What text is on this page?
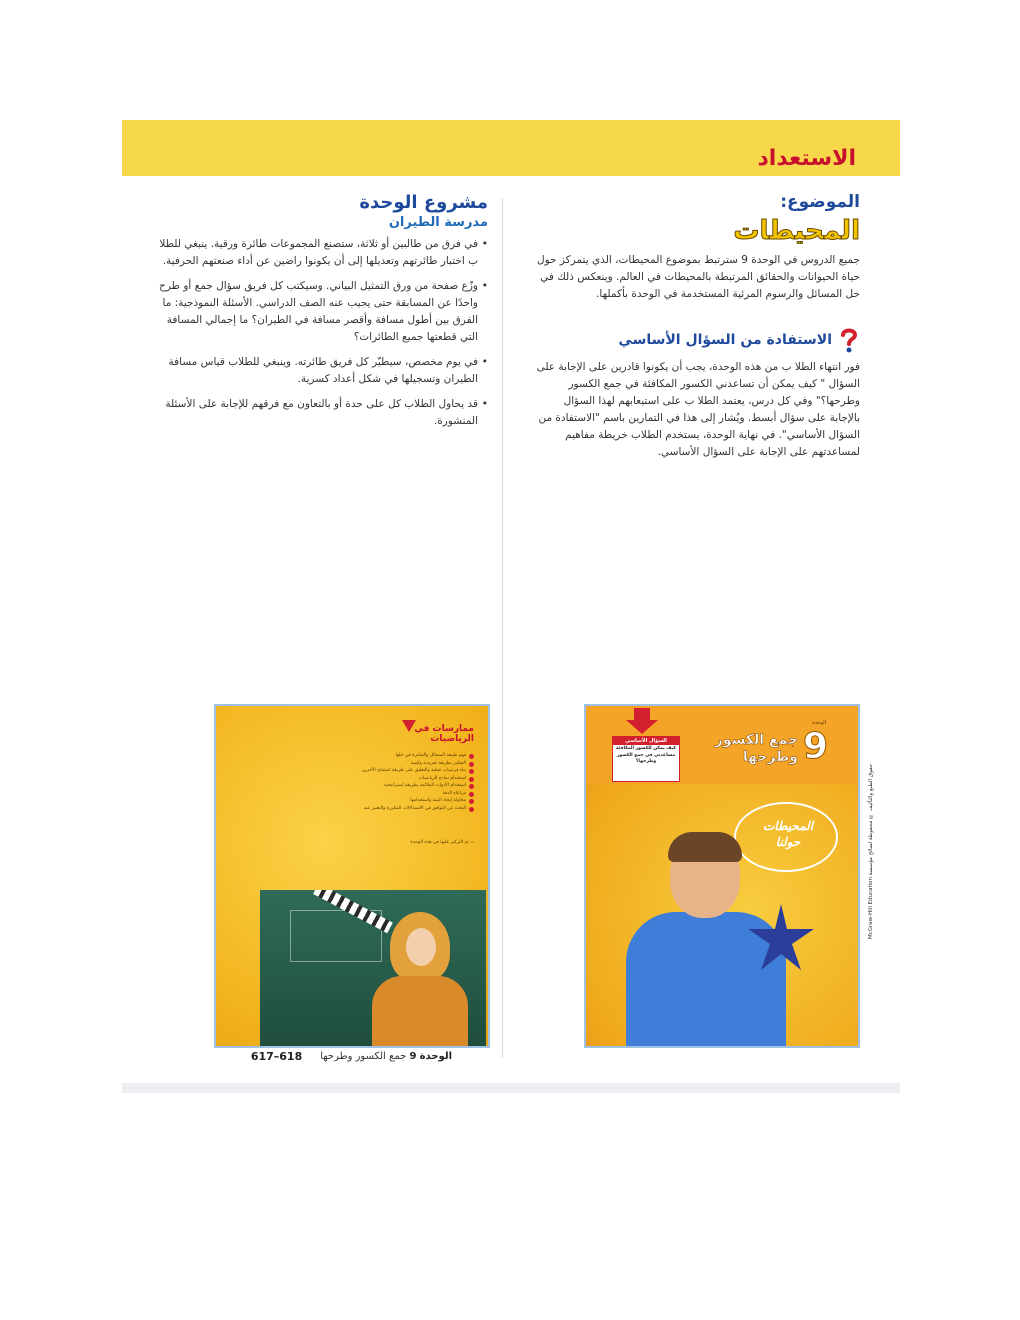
الاستعداد
الموضوع:
المحيطات

جميع الدروس في الوحدة 9 سترتبط بموضوع المحيطات، الذي يتمركز حول حياة الحيوانات والحقائق المرتبطة بالمحيطات في العالم. وينعكس ذلك في حل المسائل والرسوم المرئية المستخدمة في الوحدة بأكملها.

الاستفادة من السؤال الأساسي

فور انتهاء الطلا ب من هذه الوحدة، يجب أن يكونوا قادرين على الإجابة على السؤال " كيف يمكن أن تساعدني الكسور المكافئة في جمع الكسور وطرحها؟" وفي كل درس، يعتمد الطلا ب على استيعابهم لهذا السؤال بالإجابة على سؤال أبسط. ويُشار إلى هذا في التمارين باسم "الاستفادة من السؤال الأساسي". في نهاية الوحدة، يستخدم الطلاب خريطة مفاهيم لمساعدتهم على الإجابة على السؤال الأساسي.

مشروع الوحدة
مدرسة الطيران
• في فرق من طالبين أو ثلاثة، ستصنع المجموعات طائرة ورقية. ينبغي للطلا ب اختبار طائرتهم وتعديلها إلى أن يكونوا راضين عن أداء صنعتهم الحرفية.
• وزّع صفحة من ورق التمثيل البياني. وسيكتب كل فريق سؤال جمع أو طرح واحدًا عن المسابقة حتى يجيب عنه الصف الدراسي. الأسئلة النموذجية: ما الفرق بين أطول مسافة وأقصر مسافة في الطيران؟ ما إجمالي المسافة التي قطعتها جميع الطائرات؟
• في يوم مخصص، سيطيّر كل فريق طائرته. وينبغي للطلاب قياس مسافة الطيران وتسجيلها في شكل أعداد كسرية.
• قد يحاول الطلاب كل على حدة أو بالتعاون مع فرقهم للإجابة على الأسئلة المنشورة.
ممارسات في الرياضيات
فهم طبيعة المسائل والمثابرة في حلها
التفكير بطريقة تجريدية وكمية
بناء فرضيات عملية والتعليق على طريقة استنتاج الآخرين
استخدام نماذج الرياضيات
استخدام الأدوات الملائمة بطريقة إستراتيجية
مراعاة الدقة
محاولة إيجاد البنية واستخدامها
البحث عن التوافق في الاستدلالات المكررة والتعبير عنه
= تم التركيز عليها في هذه الوحدة
السؤال الأساسي
كيف يمكن للكسور المكافئة مساعدتي في جمع الكسور وطرحها؟
الوحدة
9
جمع الكسور وطرحها
المحيطات حولنا
حقوق الطبع والتأليف © محفوظة لصالح مؤسسة McGraw-Hill Education
الوحدة 9 جمع الكسور وطرحها
617–618
